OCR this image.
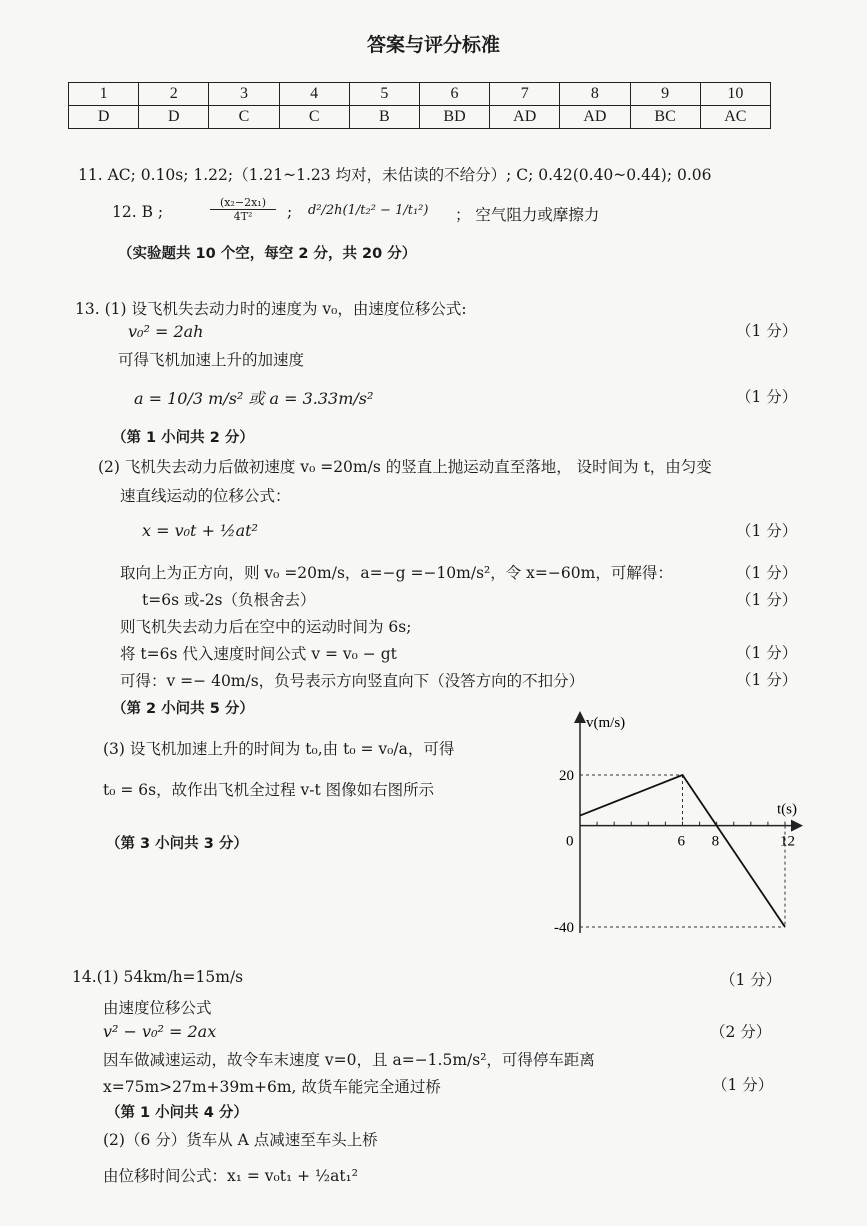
答案与评分标准
1	2	3	4	5	6	7	8	9	10
D	D	C	C	B	BD	AD	AD	BC	AC
11. AC; 0.10s; 1.22;（1.21~1.23 均对，未估读的不给分）; C; 0.42(0.40~0.44); 0.06
12. B ;	$\frac{\text{(x₂−2x₁)}}{\text{4T²}}$ ; d²/2h(1/t₂² − 1/t₁²) ； 空气阻力或摩擦力
（实验题共 10 个空，每空 2 分，共 20 分）
13. (1) 设飞机失去动力时的速度为 v₀，由速度位移公式:
v₀² = 2ah	（1 分）
可得飞机加速上升的加速度
a = 10/3 m/s² 或 a = 3.33m/s²	（1 分）
（第 1 小问共 2 分）
(2) 飞机失去动力后做初速度 v₀ =20m/s 的竖直上抛运动直至落地， 设时间为 t，由匀变
速直线运动的位移公式：
x = v₀t + ½at²	（1 分）
取向上为正方向，则 v₀ =20m/s，a=−g =−10m/s²，令 x=−60m，可解得：	（1 分）
t=6s 或-2s（负根舍去）	（1 分）
则飞机失去动力后在空中的运动时间为 6s;
将 t=6s 代入速度时间公式 v = v₀ − gt	（1 分）
可得：v =− 40m/s，负号表示方向竖直向下（没答方向的不扣分）	（1 分）
（第 2 小问共 5 分）
(3) 设飞机加速上升的时间为 t₀,由 t₀ = v₀/a，可得
t₀ = 6s，故作出飞机全过程 v-t 图像如右图所示
（第 3 小问共 3 分）
v(m/s)
t(s)
0	6 8	12
20
-40
14.(1) 54km/h=15m/s	（1 分）
由速度位移公式
v² − v₀² = 2ax	（2 分）
因车做减速运动，故令车末速度 v=0，且 a=−1.5m/s²，可得停车距离
x=75m>27m+39m+6m, 故货车能完全通过桥	（1 分）
（第 1 小问共 4 分）
(2)（6 分）货车从 A 点减速至车头上桥
由位移时间公式：x₁ = v₀t₁ + ½at₁²
